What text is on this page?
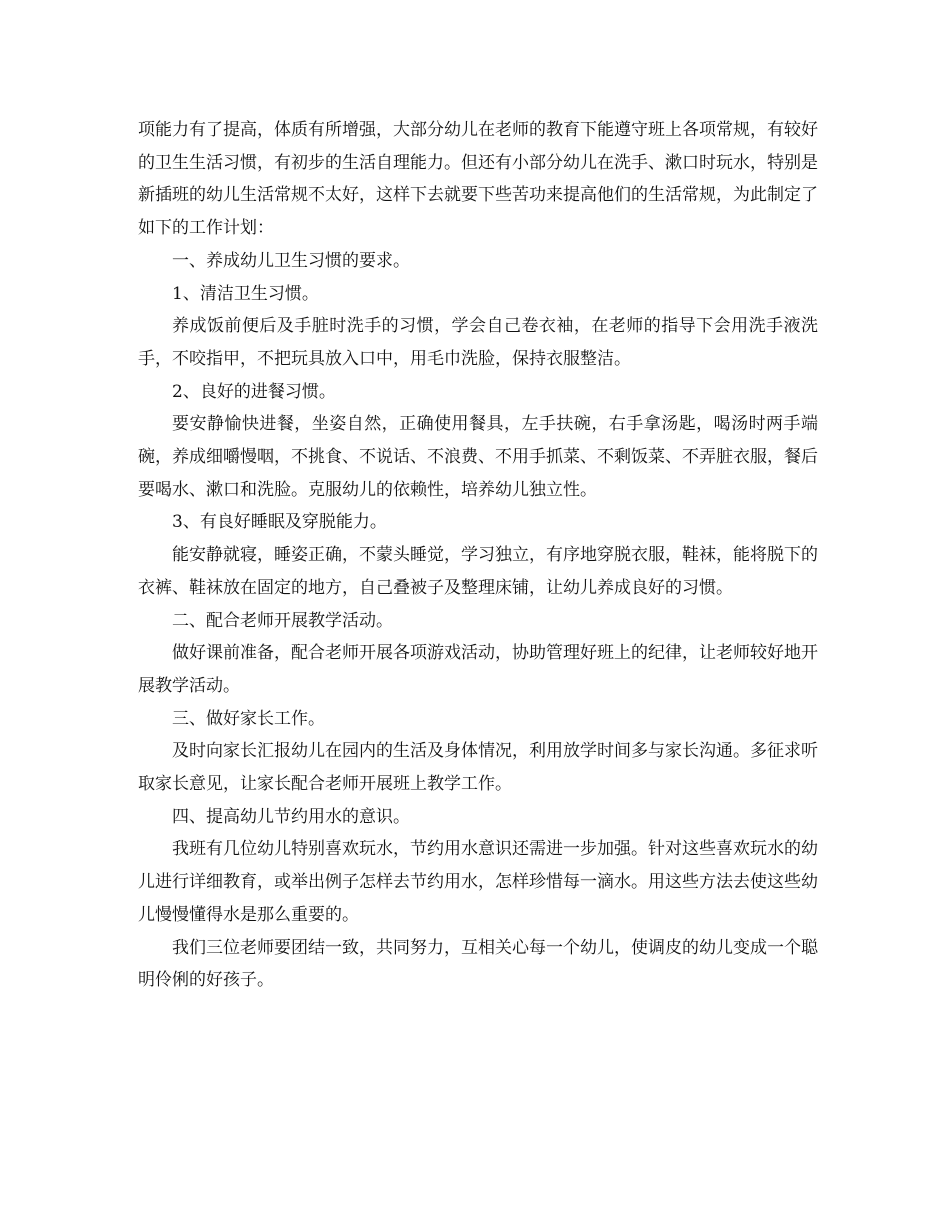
项能力有了提高，体质有所增强，大部分幼儿在老师的教育下能遵守班上各项常规，有较好的卫生生活习惯，有初步的生活自理能力。但还有小部分幼儿在洗手、漱口时玩水，特别是新插班的幼儿生活常规不太好，这样下去就要下些苦功来提高他们的生活常规，为此制定了如下的工作计划：

一、养成幼儿卫生习惯的要求。

1、清洁卫生习惯。

养成饭前便后及手脏时洗手的习惯，学会自己卷衣袖，在老师的指导下会用洗手液洗手，不咬指甲，不把玩具放入口中，用毛巾洗脸，保持衣服整洁。

2、良好的进餐习惯。

要安静愉快进餐，坐姿自然，正确使用餐具，左手扶碗，右手拿汤匙，喝汤时两手端碗，养成细嚼慢咽，不挑食、不说话、不浪费、不用手抓菜、不剩饭菜、不弄脏衣服，餐后要喝水、漱口和洗脸。克服幼儿的依赖性，培养幼儿独立性。

3、有良好睡眠及穿脱能力。

能安静就寝，睡姿正确，不蒙头睡觉，学习独立，有序地穿脱衣服，鞋袜，能将脱下的衣裤、鞋袜放在固定的地方，自己叠被子及整理床铺，让幼儿养成良好的习惯。

二、配合老师开展教学活动。

做好课前准备，配合老师开展各项游戏活动，协助管理好班上的纪律，让老师较好地开展教学活动。

三、做好家长工作。

及时向家长汇报幼儿在园内的生活及身体情况，利用放学时间多与家长沟通。多征求听取家长意见，让家长配合老师开展班上教学工作。

四、提高幼儿节约用水的意识。

我班有几位幼儿特别喜欢玩水，节约用水意识还需进一步加强。针对这些喜欢玩水的幼儿进行详细教育，或举出例子怎样去节约用水，怎样珍惜每一滴水。用这些方法去使这些幼儿慢慢懂得水是那么重要的。

我们三位老师要团结一致，共同努力，互相关心每一个幼儿，使调皮的幼儿变成一个聪明伶俐的好孩子。
